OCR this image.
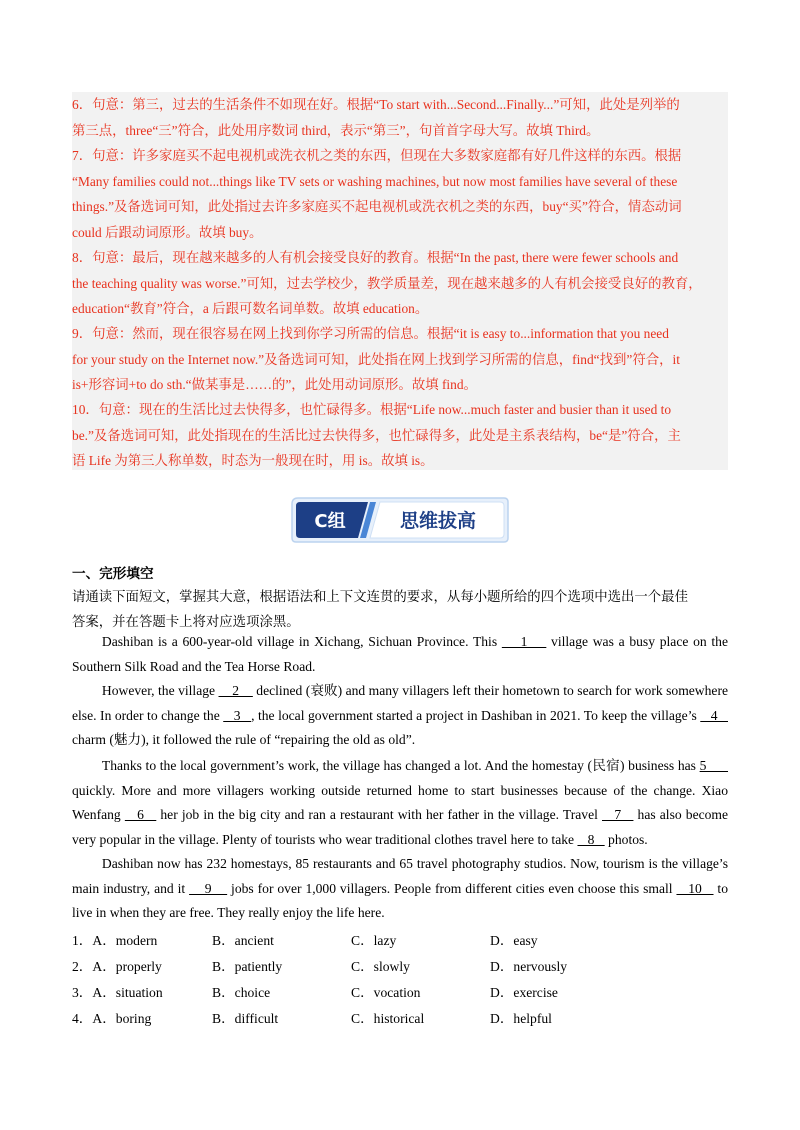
6．句意：第三，过去的生活条件不如现在好。根据“To start with...Second...Finally...”可知，此处是列举的
第三点，three“三”符合，此处用序数词 third，表示“第三”，句首首字母大写。故填 Third。
7．句意：许多家庭买不起电视机或洗衣机之类的东西，但现在大多数家庭都有好几件这样的东西。根据
“Many families could not...things like TV sets or washing machines, but now most families have several of these
things.”及备选词可知，此处指过去许多家庭买不起电视机或洗衣机之类的东西，buy“买”符合，情态动词
could 后跟动词原形。故填 buy。
8．句意：最后，现在越来越多的人有机会接受良好的教育。根据“In the past, there were fewer schools and
the teaching quality was worse.”可知，过去学校少，教学质量差，现在越来越多的人有机会接受良好的教育，
education“教育”符合，a 后跟可数名词单数。故填 education。
9．句意：然而，现在很容易在网上找到你学习所需的信息。根据“it is easy to...information that you need
for your study on the Internet now.”及备选词可知，此处指在网上找到学习所需的信息，find“找到”符合，it
is+形容词+to do sth.“做某事是……的”，此处用动词原形。故填 find。
10．句意：现在的生活比过去快得多，也忙碌得多。根据“Life now...much faster and busier than it used to
be.”及备选词可知，此处指现在的生活比过去快得多，也忙碌得多，此处是主系表结构，be“是”符合，主
语 Life 为第三人称单数，时态为一般现在时，用 is。故填 is。
C组	思维拔高
一、完形填空
请通读下面短文，掌握其大意，根据语法和上下文连贯的要求，从每小题所给的四个选项中选出一个最佳
答案，并在答题卡上将对应选项涂黑。
Dashiban is a 600-year-old village in Xichang, Sichuan Province. This     1     village was a busy place on the Southern Silk Road and the Tea Horse Road.
However, the village     2     declined (衰败) and many villagers left their hometown to search for work somewhere else. In order to change the    3   , the local government started a project in Dashiban in 2021. To keep the village’s    4    charm (魅力), it followed the rule of “repairing the old as old”.
Thanks to the local government’s work, the village has changed a lot. And the homestay (民宿) business has 5       quickly. More and more villagers working outside returned home to start businesses because of the change. Xiao Wenfang    6    her job in the big city and ran a restaurant with her father in the village. Travel    7    has also become very popular in the village. Plenty of tourists who wear traditional clothes travel here to take    8    photos.
Dashiban now has 232 homestays, 85 restaurants and 65 travel photography studios. Now, tourism is the village’s main industry, and it     9     jobs for over 1,000 villagers. People from different cities even choose this small    10    to live in when they are free. They really enjoy the life here.
1．A．modern	B．ancient	C．lazy	D．easy
2．A．properly	B．patiently	C．slowly	D．nervously
3．A．situation	B．choice	C．vocation	D．exercise
4．A．boring	B．difficult	C．historical	D．helpful
